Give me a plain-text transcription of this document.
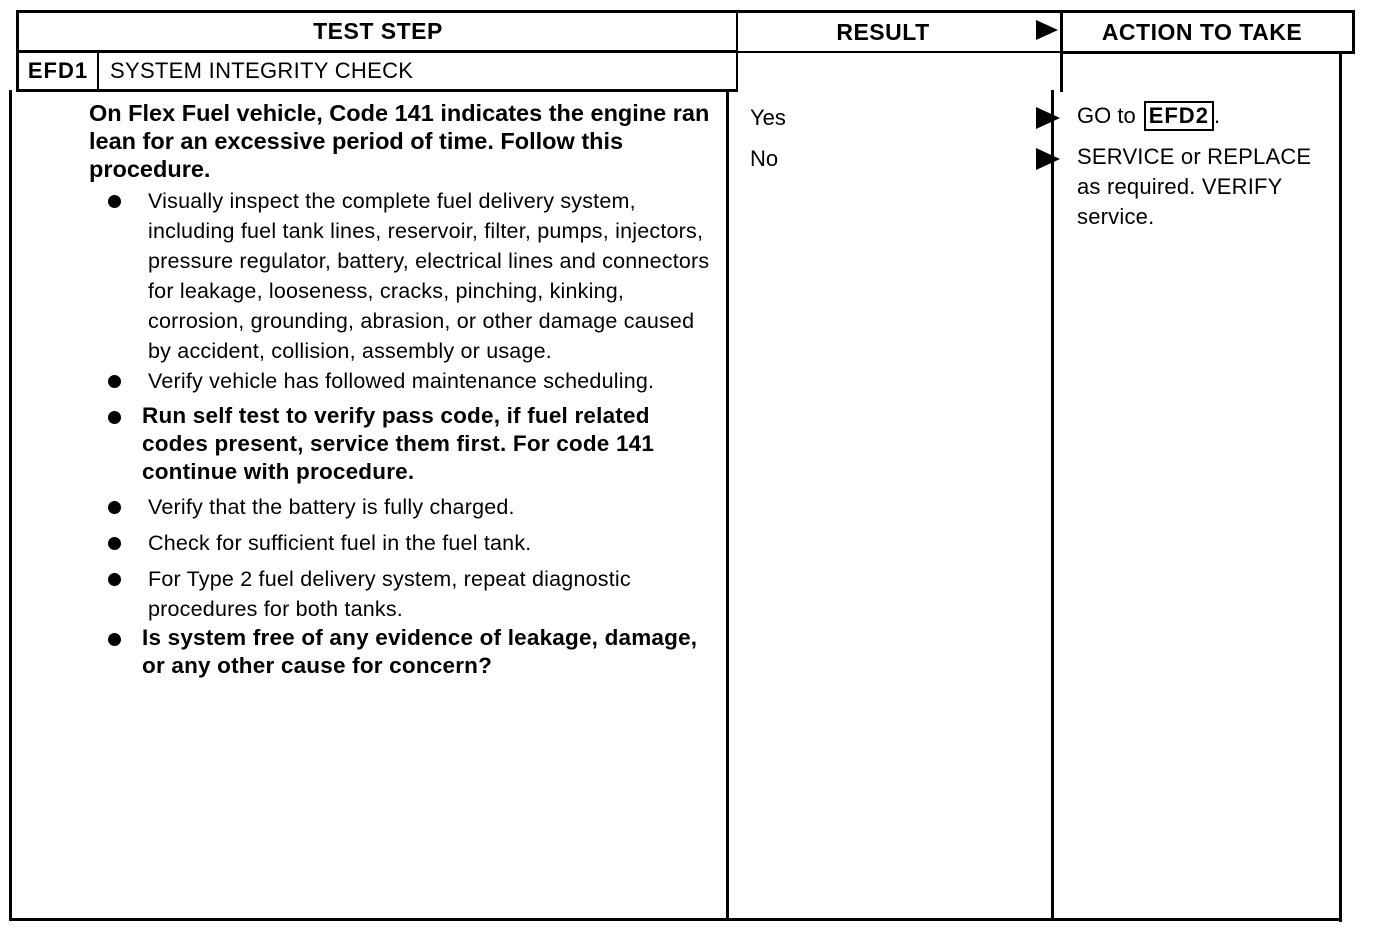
TEST STEP	RESULT	ACTION TO TAKE
EFD1 SYSTEM INTEGRITY CHECK

On Flex Fuel vehicle, Code 141 indicates the engine ran lean for an excessive period of time. Follow this procedure.

Visually inspect the complete fuel delivery system, including fuel tank lines, reservoir, filter, pumps, injectors, pressure regulator, battery, electrical lines and connectors for leakage, looseness, cracks, pinching, kinking, corrosion, grounding, abrasion, or other damage caused by accident, collision, assembly or usage.
Verify vehicle has followed maintenance scheduling.
Run self test to verify pass code, if fuel related codes present, service them first. For code 141 continue with procedure.
Verify that the battery is fully charged.
Check for sufficient fuel in the fuel tank.
For Type 2 fuel delivery system, repeat diagnostic procedures for both tanks.
Is system free of any evidence of leakage, damage, or any other cause for concern?
Yes
No
GO to EFD2 .
SERVICE or REPLACE as required. VERIFY service.
